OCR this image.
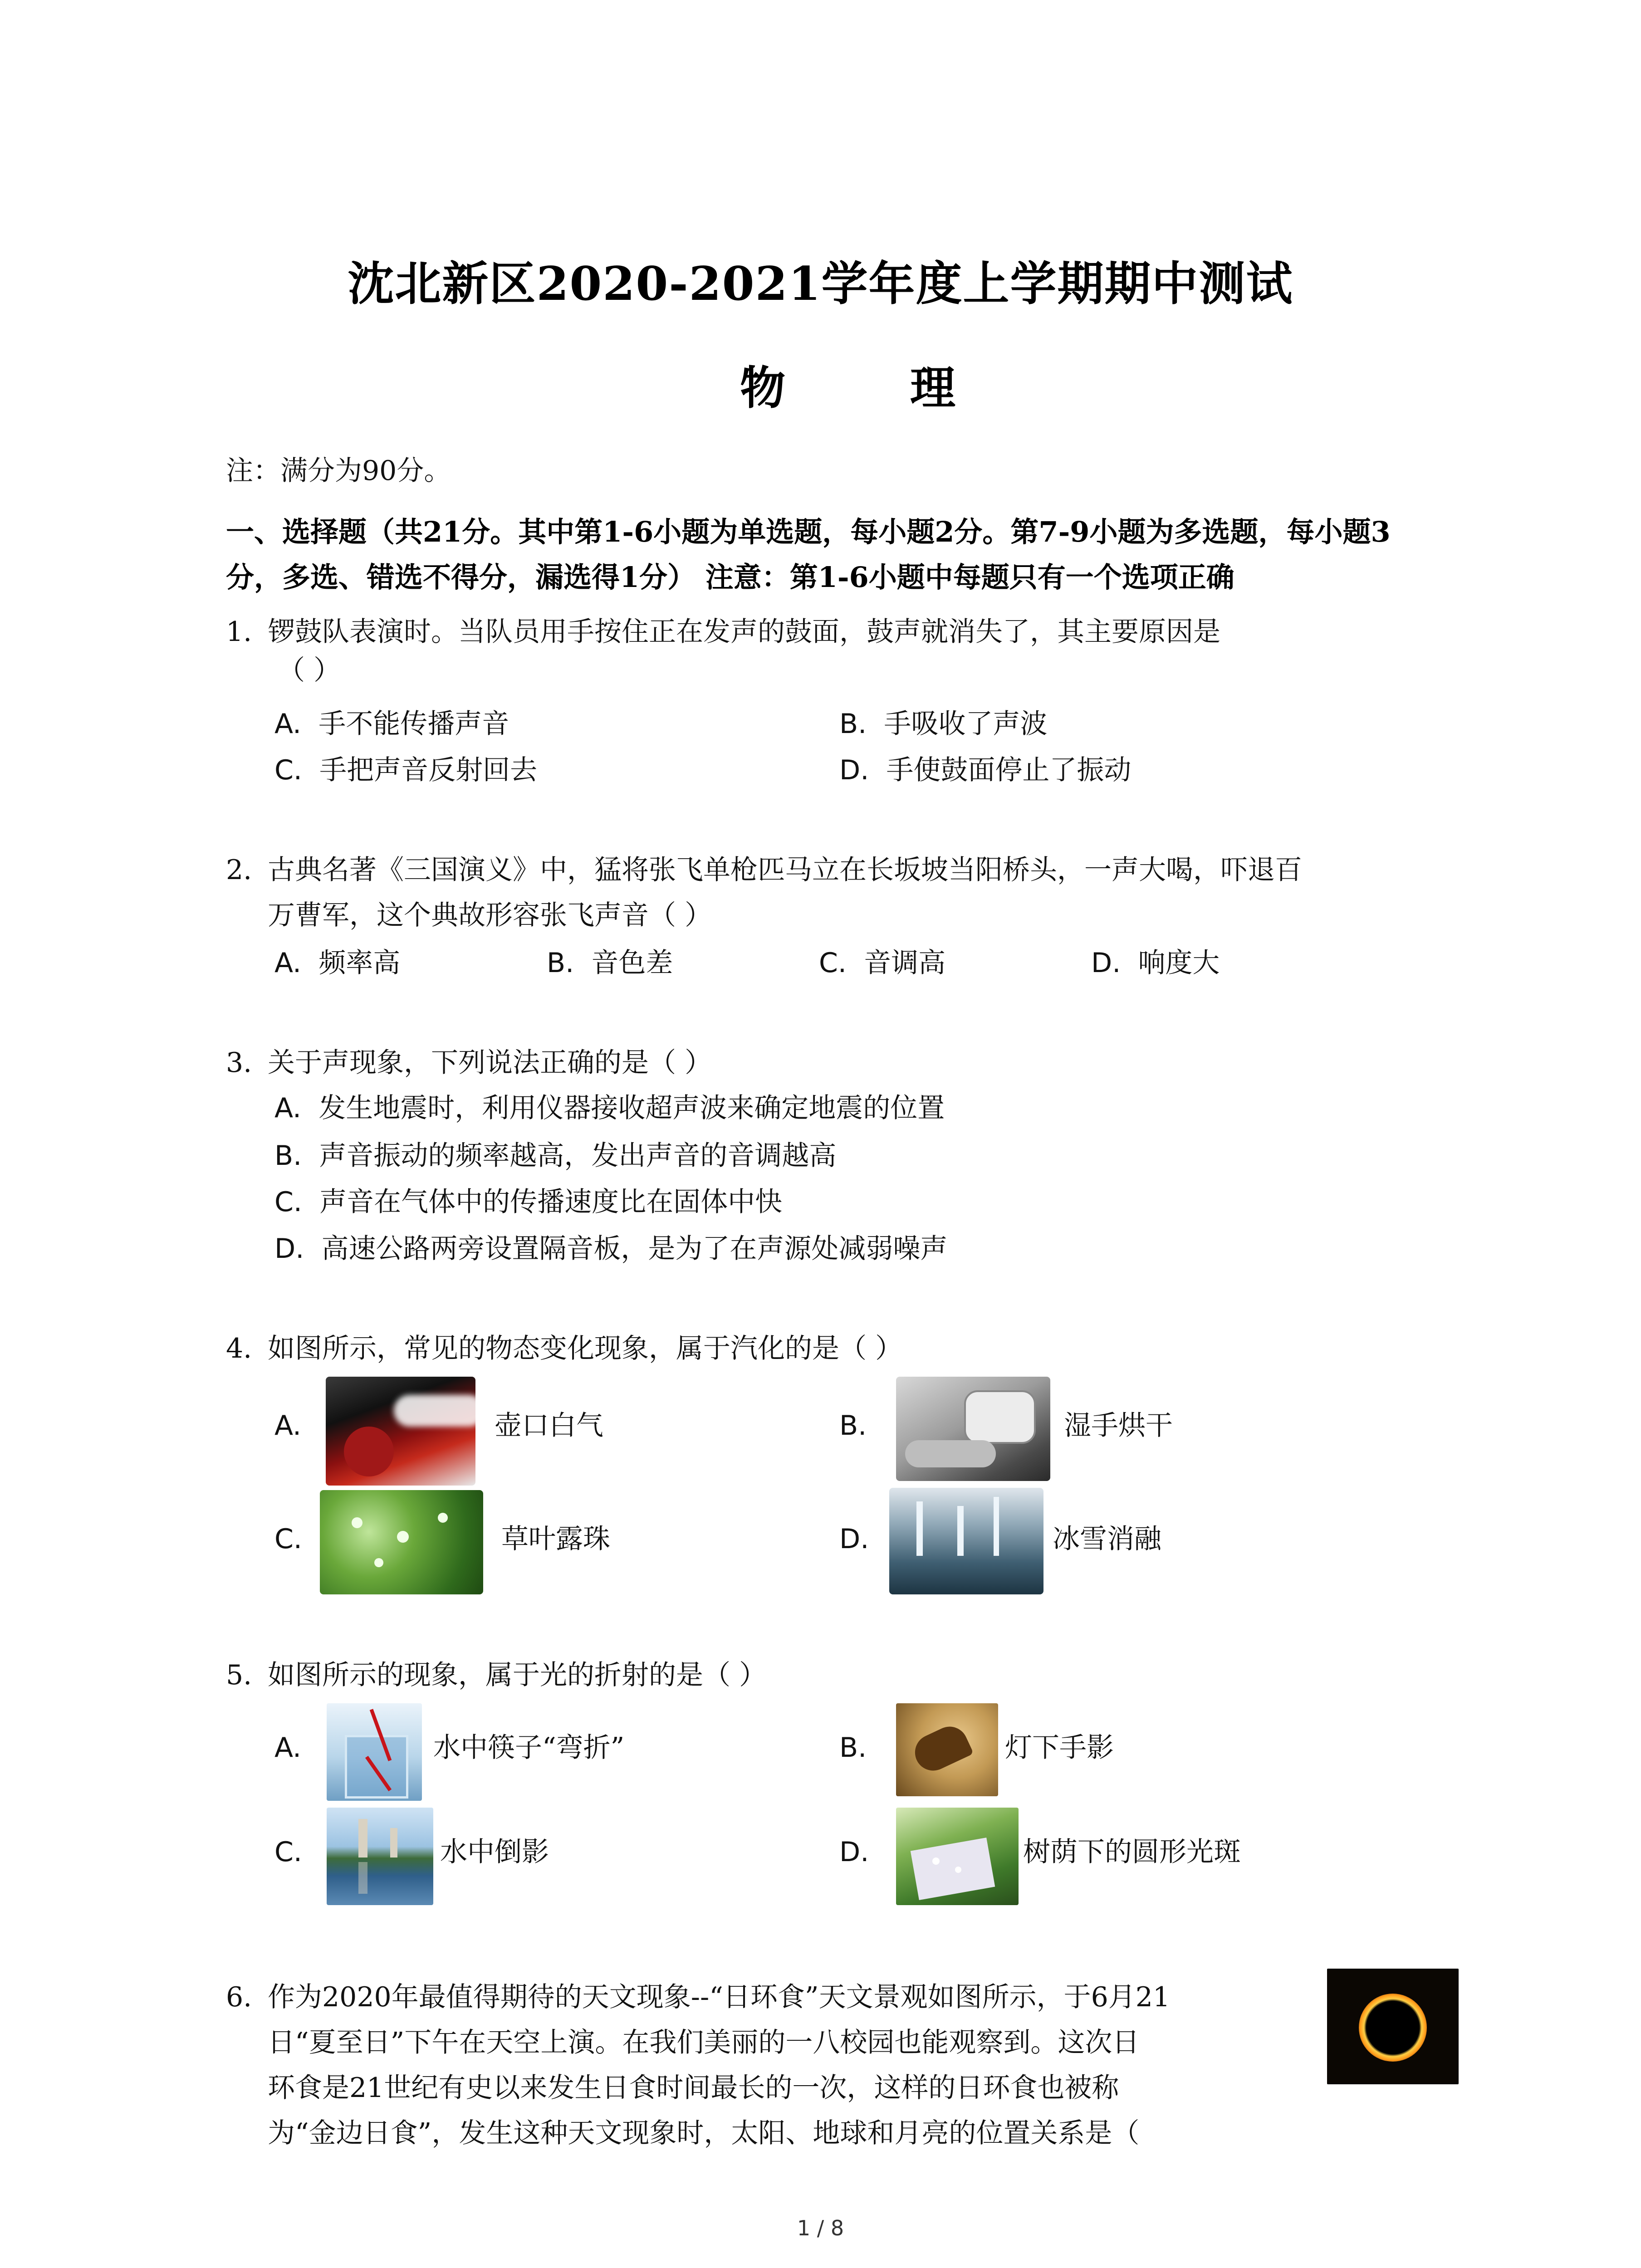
沈北新区2020-2021学年度上学期期中测试
物 理
注：满分为90分。
一、选择题（共21分。其中第1-6小题为单选题，每小题2分。第7-9小题为多选题，每小题3
分，多选、错选不得分，漏选得1分） 注意：第1-6小题中每题只有一个选项正确
1. 锣鼓队表演时。当队员用手按住正在发声的鼓面，鼓声就消失了，其主要原因是
（ ）
A. 手不能传播声音	B. 手吸收了声波
C. 手把声音反射回去	D. 手使鼓面停止了振动
2. 古典名著《三国演义》中，猛将张飞单枪匹马立在长坂坡当阳桥头，一声大喝，吓退百
万曹军，这个典故形容张飞声音（ ）
A. 频率高	B. 音色差	C. 音调高	D. 响度大
3. 关于声现象，下列说法正确的是（ ）
A. 发生地震时，利用仪器接收超声波来确定地震的位置
B. 声音振动的频率越高，发出声音的音调越高
C. 声音在气体中的传播速度比在固体中快
D. 高速公路两旁设置隔音板，是为了在声源处减弱噪声
4. 如图所示，常见的物态变化现象，属于汽化的是（ ）
A.	壶口白气	B.	湿手烘干
C.	草叶露珠	D.	冰雪消融
5. 如图所示的现象，属于光的折射的是（ ）
A.	水中筷子“弯折”	B.	灯下手影
C.	水中倒影	D.	树荫下的圆形光斑
6. 作为2020年最值得期待的天文现象--“日环食”天文景观如图所示，于6月21
日“夏至日”下午在天空上演。在我们美丽的一八校园也能观察到。这次日
环食是21世纪有史以来发生日食时间最长的一次，这样的日环食也被称
为“金边日食”，发生这种天文现象时，太阳、地球和月亮的位置关系是（
1 / 8
